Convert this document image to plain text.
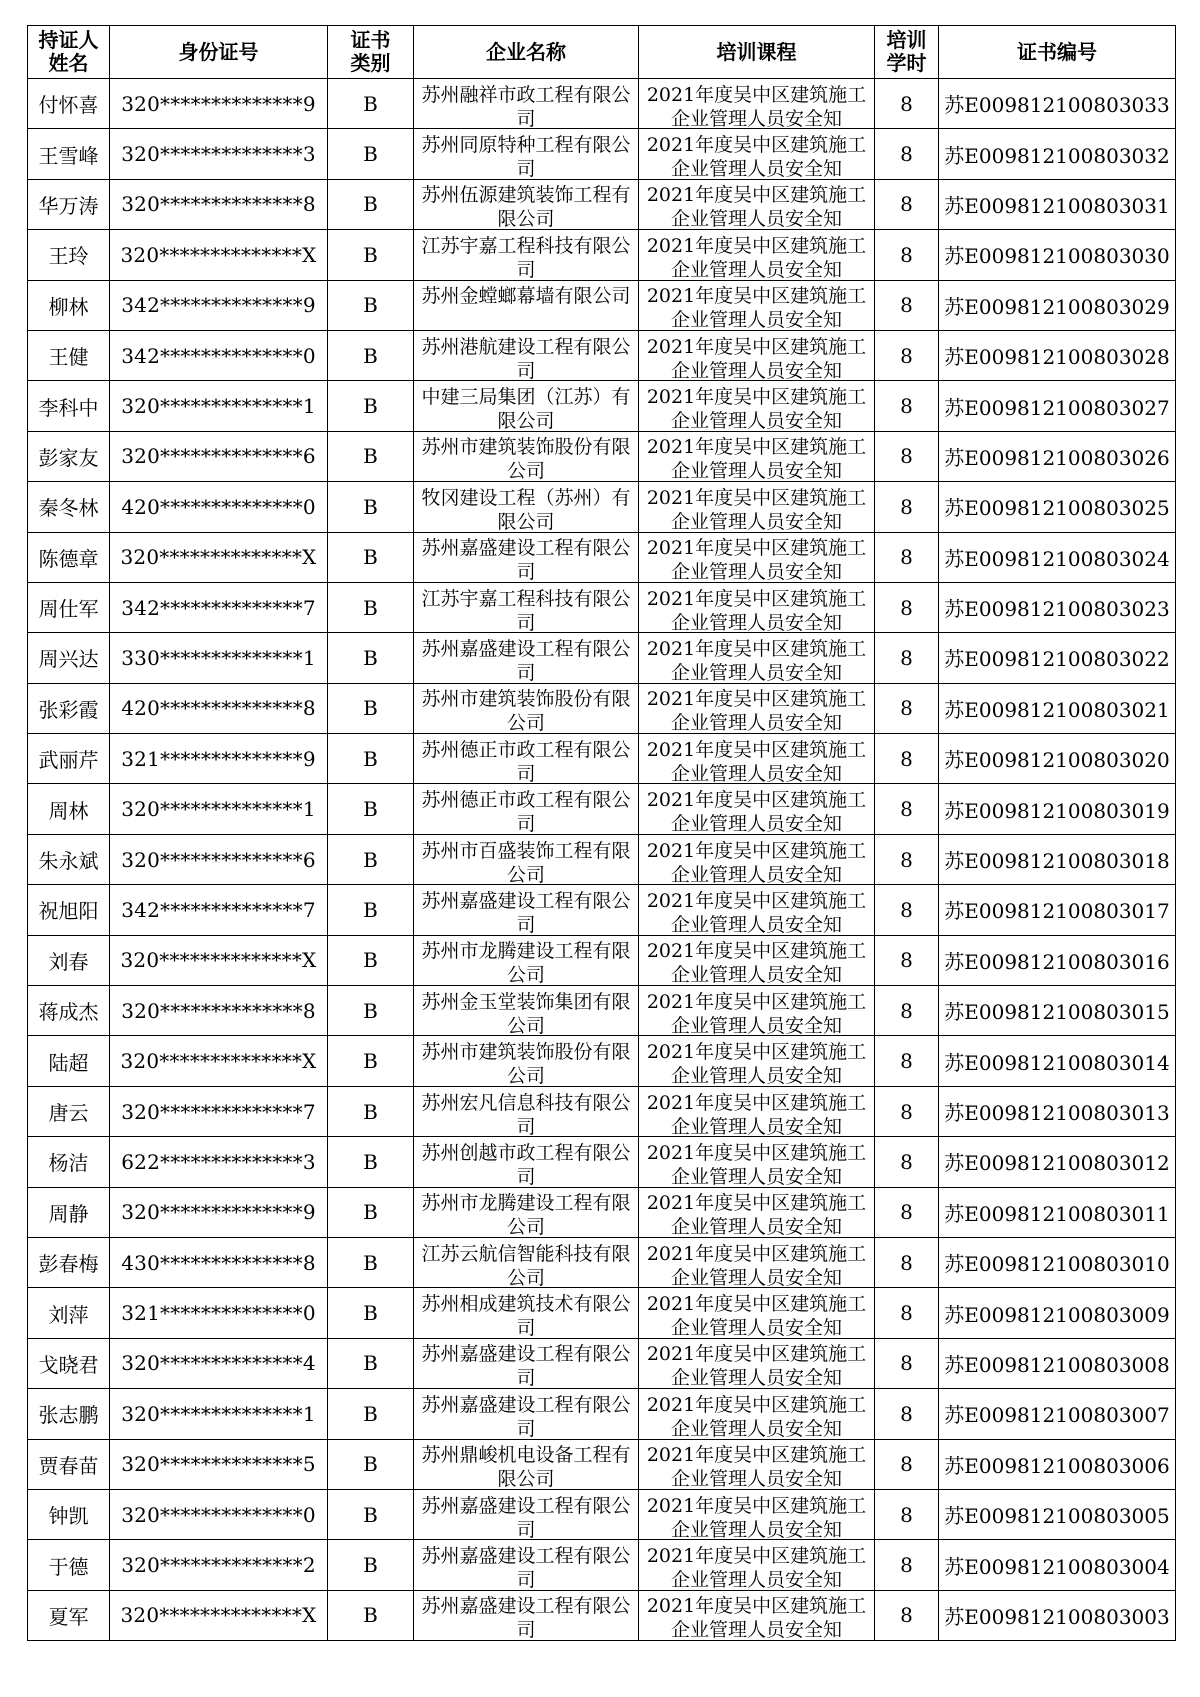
持证人姓名	身份证号	证书类别	企业名称	培训课程	培训学时	证书编号
付怀喜	320**************9	B	苏州融祥市政工程有限公司	2021年度吴中区建筑施工企业管理人员安全知	8	苏E009812100803033
王雪峰	320**************3	B	苏州同原特种工程有限公司	2021年度吴中区建筑施工企业管理人员安全知	8	苏E009812100803032
华万涛	320**************8	B	苏州伍源建筑装饰工程有限公司	2021年度吴中区建筑施工企业管理人员安全知	8	苏E009812100803031
王玲	320**************X	B	江苏宇嘉工程科技有限公司	2021年度吴中区建筑施工企业管理人员安全知	8	苏E009812100803030
柳林	342**************9	B	苏州金螳螂幕墙有限公司	2021年度吴中区建筑施工企业管理人员安全知	8	苏E009812100803029
王健	342**************0	B	苏州港航建设工程有限公司	2021年度吴中区建筑施工企业管理人员安全知	8	苏E009812100803028
李科中	320**************1	B	中建三局集团（江苏）有限公司	2021年度吴中区建筑施工企业管理人员安全知	8	苏E009812100803027
彭家友	320**************6	B	苏州市建筑装饰股份有限公司	2021年度吴中区建筑施工企业管理人员安全知	8	苏E009812100803026
秦冬林	420**************0	B	牧冈建设工程（苏州）有限公司	2021年度吴中区建筑施工企业管理人员安全知	8	苏E009812100803025
陈德章	320**************X	B	苏州嘉盛建设工程有限公司	2021年度吴中区建筑施工企业管理人员安全知	8	苏E009812100803024
周仕军	342**************7	B	江苏宇嘉工程科技有限公司	2021年度吴中区建筑施工企业管理人员安全知	8	苏E009812100803023
周兴达	330**************1	B	苏州嘉盛建设工程有限公司	2021年度吴中区建筑施工企业管理人员安全知	8	苏E009812100803022
张彩霞	420**************8	B	苏州市建筑装饰股份有限公司	2021年度吴中区建筑施工企业管理人员安全知	8	苏E009812100803021
武丽芹	321**************9	B	苏州德正市政工程有限公司	2021年度吴中区建筑施工企业管理人员安全知	8	苏E009812100803020
周林	320**************1	B	苏州德正市政工程有限公司	2021年度吴中区建筑施工企业管理人员安全知	8	苏E009812100803019
朱永斌	320**************6	B	苏州市百盛装饰工程有限公司	2021年度吴中区建筑施工企业管理人员安全知	8	苏E009812100803018
祝旭阳	342**************7	B	苏州嘉盛建设工程有限公司	2021年度吴中区建筑施工企业管理人员安全知	8	苏E009812100803017
刘春	320**************X	B	苏州市龙腾建设工程有限公司	2021年度吴中区建筑施工企业管理人员安全知	8	苏E009812100803016
蒋成杰	320**************8	B	苏州金玉堂装饰集团有限公司	2021年度吴中区建筑施工企业管理人员安全知	8	苏E009812100803015
陆超	320**************X	B	苏州市建筑装饰股份有限公司	2021年度吴中区建筑施工企业管理人员安全知	8	苏E009812100803014
唐云	320**************7	B	苏州宏凡信息科技有限公司	2021年度吴中区建筑施工企业管理人员安全知	8	苏E009812100803013
杨洁	622**************3	B	苏州创越市政工程有限公司	2021年度吴中区建筑施工企业管理人员安全知	8	苏E009812100803012
周静	320**************9	B	苏州市龙腾建设工程有限公司	2021年度吴中区建筑施工企业管理人员安全知	8	苏E009812100803011
彭春梅	430**************8	B	江苏云航信智能科技有限公司	2021年度吴中区建筑施工企业管理人员安全知	8	苏E009812100803010
刘萍	321**************0	B	苏州相成建筑技术有限公司	2021年度吴中区建筑施工企业管理人员安全知	8	苏E009812100803009
戈晓君	320**************4	B	苏州嘉盛建设工程有限公司	2021年度吴中区建筑施工企业管理人员安全知	8	苏E009812100803008
张志鹏	320**************1	B	苏州嘉盛建设工程有限公司	2021年度吴中区建筑施工企业管理人员安全知	8	苏E009812100803007
贾春苗	320**************5	B	苏州鼎峻机电设备工程有限公司	2021年度吴中区建筑施工企业管理人员安全知	8	苏E009812100803006
钟凯	320**************0	B	苏州嘉盛建设工程有限公司	2021年度吴中区建筑施工企业管理人员安全知	8	苏E009812100803005
于德	320**************2	B	苏州嘉盛建设工程有限公司	2021年度吴中区建筑施工企业管理人员安全知	8	苏E009812100803004
夏军	320**************X	B	苏州嘉盛建设工程有限公司	2021年度吴中区建筑施工企业管理人员安全知	8	苏E009812100803003
